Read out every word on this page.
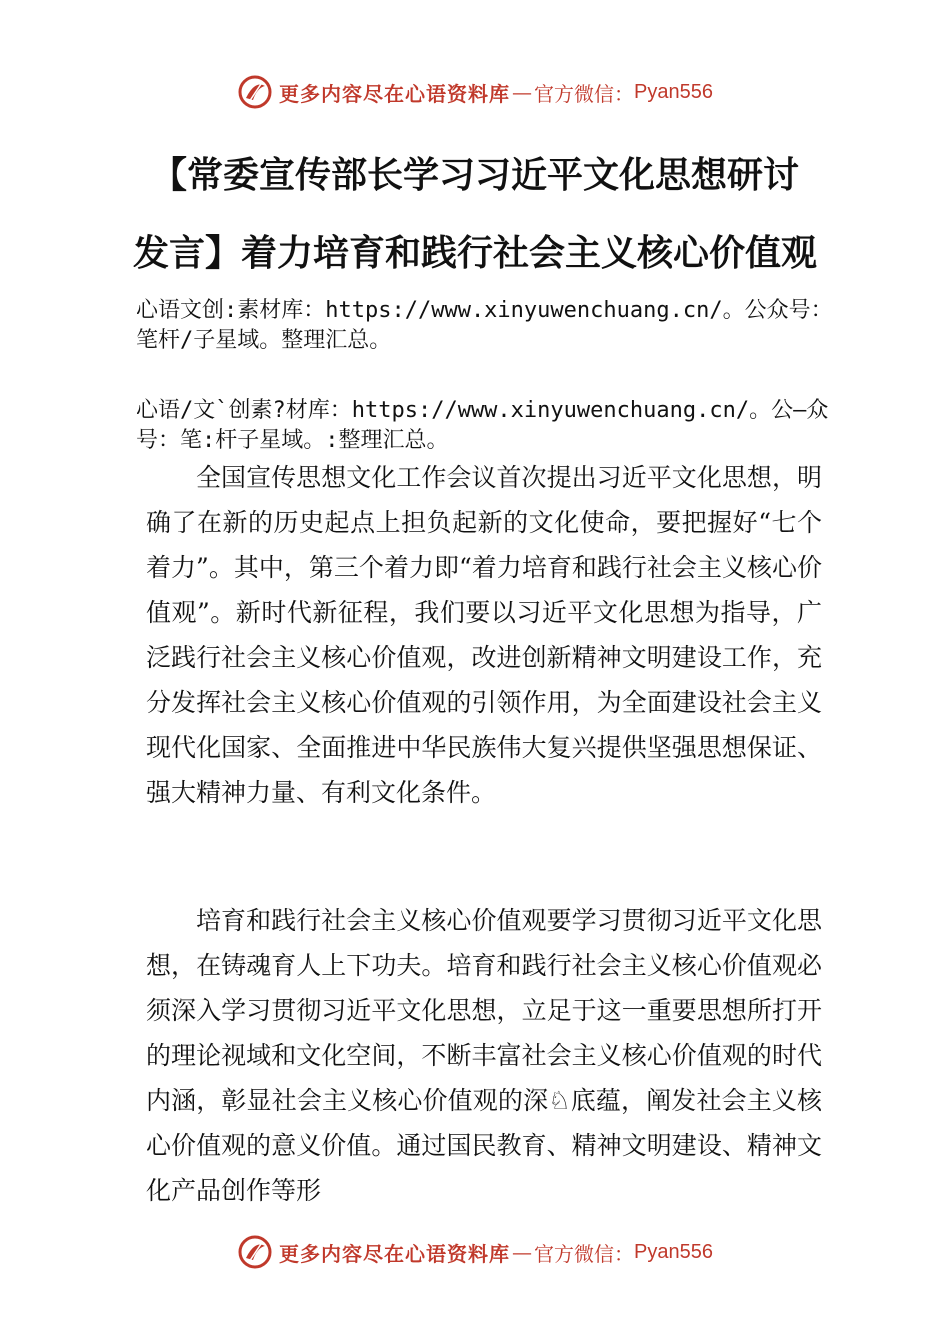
更多内容尽在心语资料库 — 官方微信： Pyan556
【常委宣传部长学习习近平文化思想研讨
发言】着力培育和践行社会主义核心价值观

心语文创:素材库：https://www.xinyuwenchuang.cn/。公众号：笔杆/子星域。整理汇总。

心语/文`创素?材库：https://www.xinyuwenchuang.cn/。公—众号：笔:杆子星域。:整理汇总。

全国宣传思想文化工作会议首次提出习近平文化思想，明确了在新的历史起点上担负起新的文化使命，要把握好“七个着力”。其中，第三个着力即“着力培育和践行社会主义核心价值观”。新时代新征程，我们要以习近平文化思想为指导，广泛践行社会主义核心价值观，改进创新精神文明建设工作，充分发挥社会主义核心价值观的引领作用，为全面建设社会主义现代化国家、全面推进中华民族伟大复兴提供坚强思想保证、强大精神力量、有利文化条件。

培育和践行社会主义核心价值观要学习贯彻习近平文化思想，在铸魂育人上下功夫。培育和践行社会主义核心价值观必须深入学习贯彻习近平文化思想，立足于这一重要思想所打开的理论视域和文化空间，不断丰富社会主义核心价值观的时代内涵，彰显社会主义核心价值观的深♘底蕴，阐发社会主义核心价值观的意义价值。通过国民教育、精神文明建设、精神文化产品创作等形

更多内容尽在心语资料库 — 官方微信： Pyan556
